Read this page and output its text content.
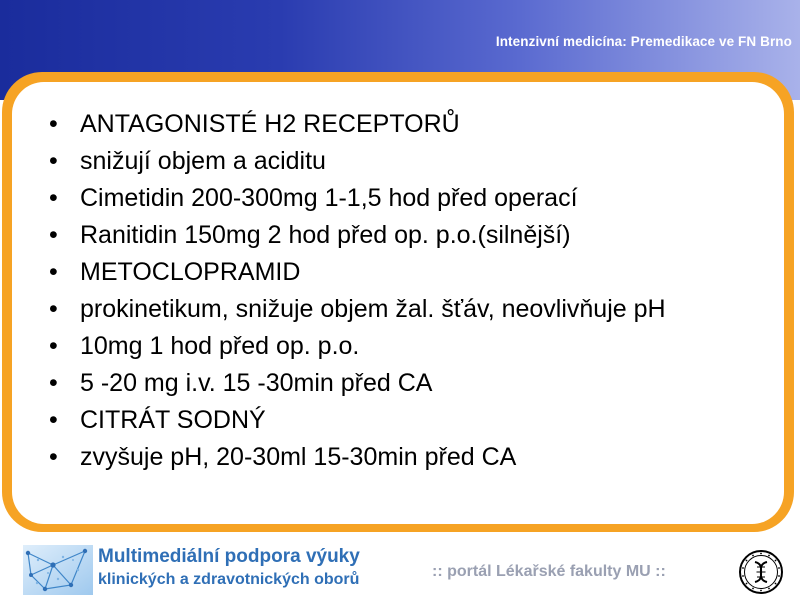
Intenzivní medicína: Premedikace ve FN Brno
• ANTAGONISTÉ H2 RECEPTORŮ
• snižují objem a aciditu
• Cimetidin 200-300mg 1-1,5 hod před operací
• Ranitidin 150mg 2 hod před op. p.o.(silnější)
• METOCLOPRAMID
• prokinetikum, snižuje objem žal. šťáv, neovlivňuje pH
• 10mg 1 hod před op. p.o.
• 5 -20 mg i.v. 15 -30min před CA
• CITRÁT SODNÝ
• zvyšuje pH, 20-30ml 15-30min před CA
Multimediální podpora výuky
klinických a zdravotnických oborů	:: portál Lékařské fakulty MU ::
